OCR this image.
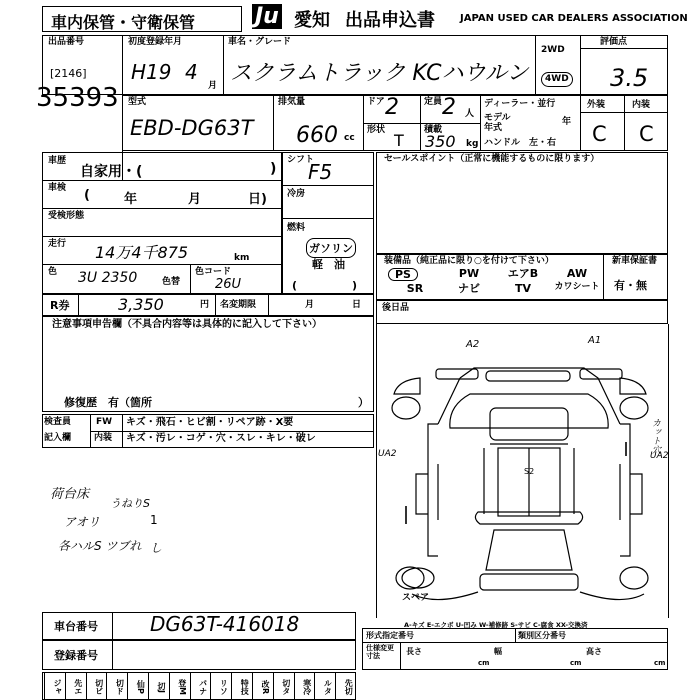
車内保管・守衛保管	Ju 愛知 出品申込書	JAPAN USED CAR DEALERS ASSOCIATION
出品番号
[2146]
35393
初度登録年月
H19 4
月
車名・グレード
スクラムトラック KCハウルン
2WD
4WD
評価点
3.5
型式
EBD-DG63T
排気量
660 cc
ドア 2	定員 2 人
形状
T
積載
350 kg
ディーラー・並行
モデル
年式
年
ハンドル　左・右
外装	内装
C C
車歴
自家用・(	)
車検 (	年	月	日)
受検形態
走行 14万4千875	km
色 3U 2350	色替
色コード
26U
シフト
F5
冷房
燃料
ガソリン
軽　油
(　　　　　)
R券	3,350	円 名変期限	月	日
注意事項申告欄（不具合内容等は具体的に記入して下さい）
修復歴　有（箇所	）
検査員
記入欄
FW キズ・飛石・ヒビ割・リペア跡・X要
内装 キズ・汚レ・コゲ・穴・スレ・キレ・破レ
荷台床
うねりS
アオリ	1
各ハルS ツブれ し
セールスポイント（正常に機能するものに限ります）
装備品（純正品に限り○を付けて下さい）	新車保証書
有・無
PS	PW	エアB	AW
SR	ナビ	TV	カワシート
後日品
S2
A2	A1
カット穴
UA2	UA2
スペア
A-キズ E-エクボ U-凹み W-補修跡 S-サビ C-腐食 XX-交換済
車台番号	DG63T-416018
登録番号
形式指定番号	類別区分番号
仕様変更
寸法	長さ
cm
幅
cm
高さ
cm
ジャ	先エ	切ビ	切ド	仙P	切J	登M	パナ	リソ	特技	改R	切タ	寒冷	ルタ	先切
